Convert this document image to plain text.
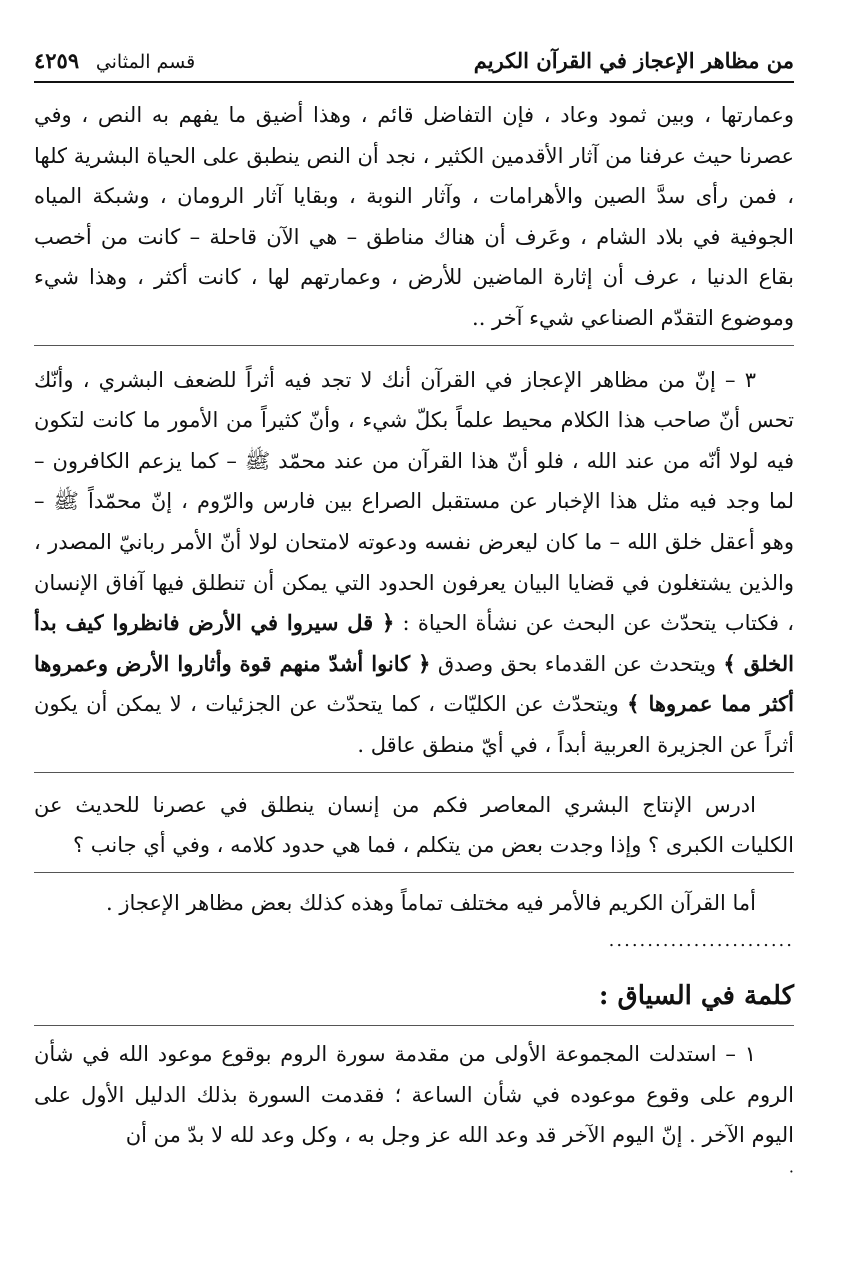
من مظاهر الإعجاز في القرآن الكريم
قسم المثاني ٤٢٥٩

وعمارتها ، وبين ثمود وعاد ، فإن التفاضل قائم ، وهذا أضيق ما يفهم به النص ، وفي عصرنا حيث عرفنا من آثار الأقدمين الكثير ، نجد أن النص ينطبق على الحياة البشرية كلها ، فمن رأى سدَّ الصين والأهرامات ، وآثار النوبة ، وبقايا آثار الرومان ، وشبكة المياه الجوفية في بلاد الشام ، وعَرف أن هناك مناطق – هي الآن قاحلة – كانت من أخصب بقاع الدنيا ، عرف أن إثارة الماضين للأرض ، وعمارتهم لها ، كانت أكثر ، وهذا شيء وموضوع التقدّم الصناعي شيء آخر ..

٣ – إنّ من مظاهر الإعجاز في القرآن أنك لا تجد فيه أثراً للضعف البشري ، وأنّك تحس أنّ صاحب هذا الكلام محيط علماً بكلّ شيء ، وأنّ كثيراً من الأمور ما كانت لتكون فيه لولا أنّه من عند الله ، فلو أنّ هذا القرآن من عند محمّد ﷺ – كما يزعم الكافرون – لما وجد فيه مثل هذا الإخبار عن مستقبل الصراع بين فارس والرّوم ، إنّ محمّداً ﷺ – وهو أعقل خلق الله – ما كان ليعرض نفسه ودعوته لامتحان لولا أنّ الأمر ربانيّ المصدر ، والذين يشتغلون في قضايا البيان يعرفون الحدود التي يمكن أن تنطلق فيها آفاق الإنسان ، فكتاب يتحدّث عن البحث عن نشأة الحياة : ﴿ قل سيروا في الأرض فانظروا كيف بدأ الخلق ﴾ ويتحدث عن القدماء بحق وصدق ﴿ كانوا أشدّ منهم قوة وأثاروا الأرض وعمروها أكثر مما عمروها ﴾ ويتحدّث عن الكليّات ، كما يتحدّث عن الجزئيات ، لا يمكن أن يكون أثراً عن الجزيرة العربية أبداً ، في أيّ منطق عاقل .

ادرس الإنتاج البشري المعاصر فكم من إنسان ينطلق في عصرنا للحديث عن الكليات الكبرى ؟ وإذا وجدت بعض من يتكلم ، فما هي حدود كلامه ، وفي أي جانب ؟

أما القرآن الكريم فالأمر فيه مختلف تماماً وهذه كذلك بعض مظاهر الإعجاز .

........................
كلمة في السياق :

١ – استدلت المجموعة الأولى من مقدمة سورة الروم بوقوع موعود الله في شأن الروم على وقوع موعوده في شأن الساعة ؛ فقدمت السورة بذلك الدليل الأول على اليوم الآخر . إنّ اليوم الآخر قد وعد الله عز وجل به ، وكل وعد لله لا بدّ من أن

·
